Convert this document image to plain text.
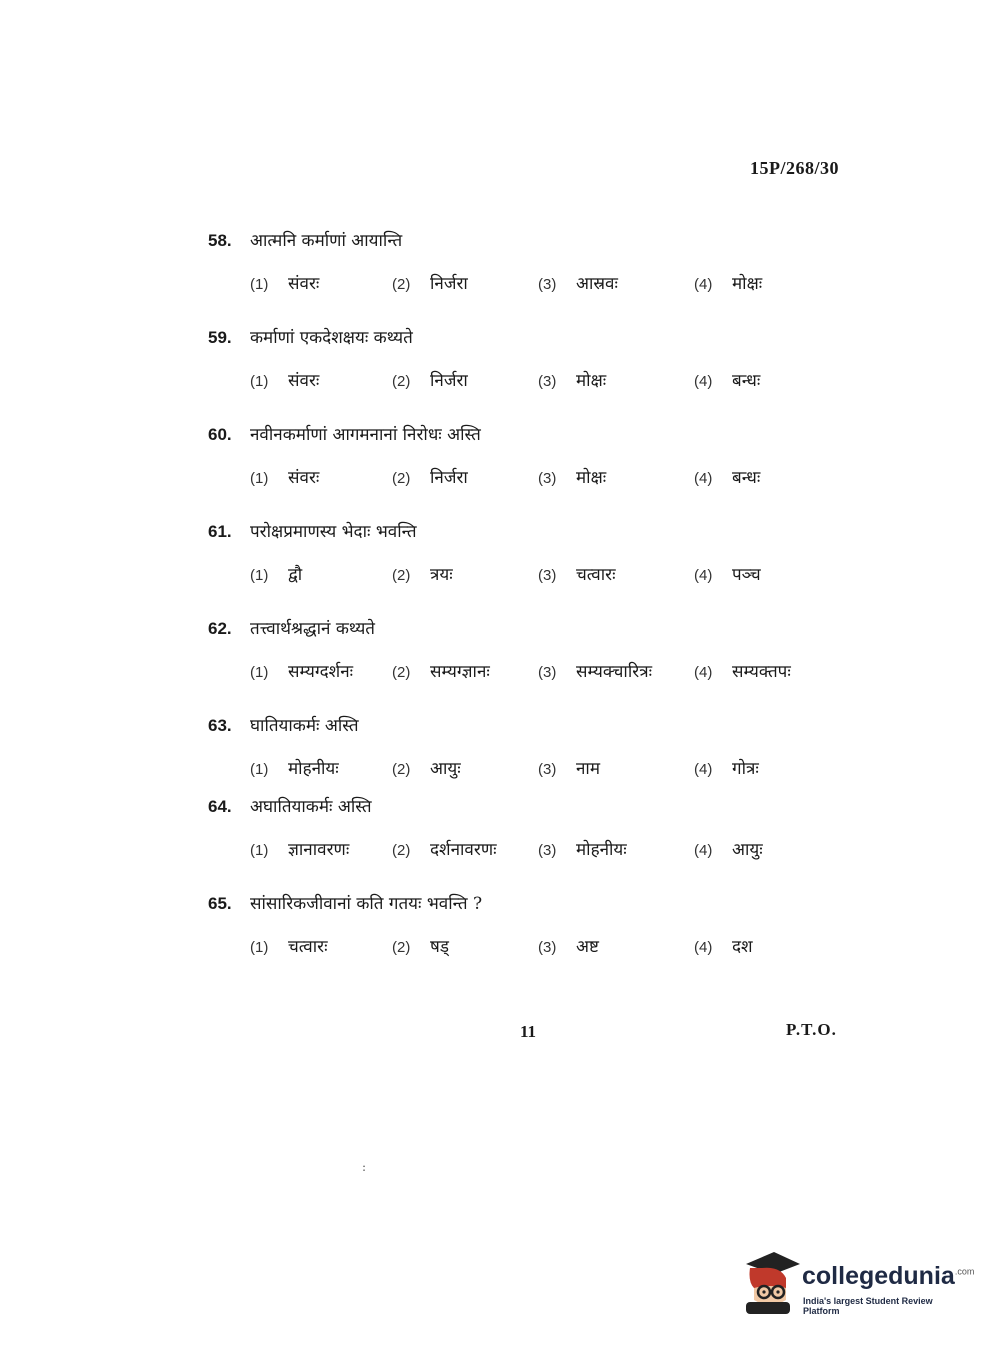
15P/268/30
58.	आत्मनि कर्माणां आयान्ति
(1)	संवरः	(2)	निर्जरा	(3)	आस्रवः	(4)	मोक्षः
59.	कर्माणां एकदेशक्षयः कथ्यते
(1)	संवरः	(2)	निर्जरा	(3)	मोक्षः	(4)	बन्धः
60.	नवीनकर्माणां आगमनानां निरोधः अस्ति
(1)	संवरः	(2)	निर्जरा	(3)	मोक्षः	(4)	बन्धः
61.	परोक्षप्रमाणस्य भेदाः भवन्ति
(1)	द्वौ	(2)	त्रयः	(3)	चत्वारः	(4)	पञ्च
62.	तत्त्वार्थश्रद्धानं कथ्यते
(1)	सम्यग्दर्शनः	(2)	सम्यग्ज्ञानः	(3)	सम्यक्चारित्रः	(4)	सम्यक्तपः
63.	घातियाकर्मः अस्ति
(1)	मोहनीयः	(2)	आयुः	(3)	नाम	(4)	गोत्रः
64.	अघातियाकर्मः अस्ति
(1)	ज्ञानावरणः	(2)	दर्शनावरणः	(3)	मोहनीयः	(4)	आयुः
65.	सांसारिकजीवानां कति गतयः भवन्ति ?
(1)	चत्वारः	(2)	षड्	(3)	अष्ट	(4)	दश
11	P.T.O.
:
collegedunia$^{.com}$
India's largest Student Review Platform
